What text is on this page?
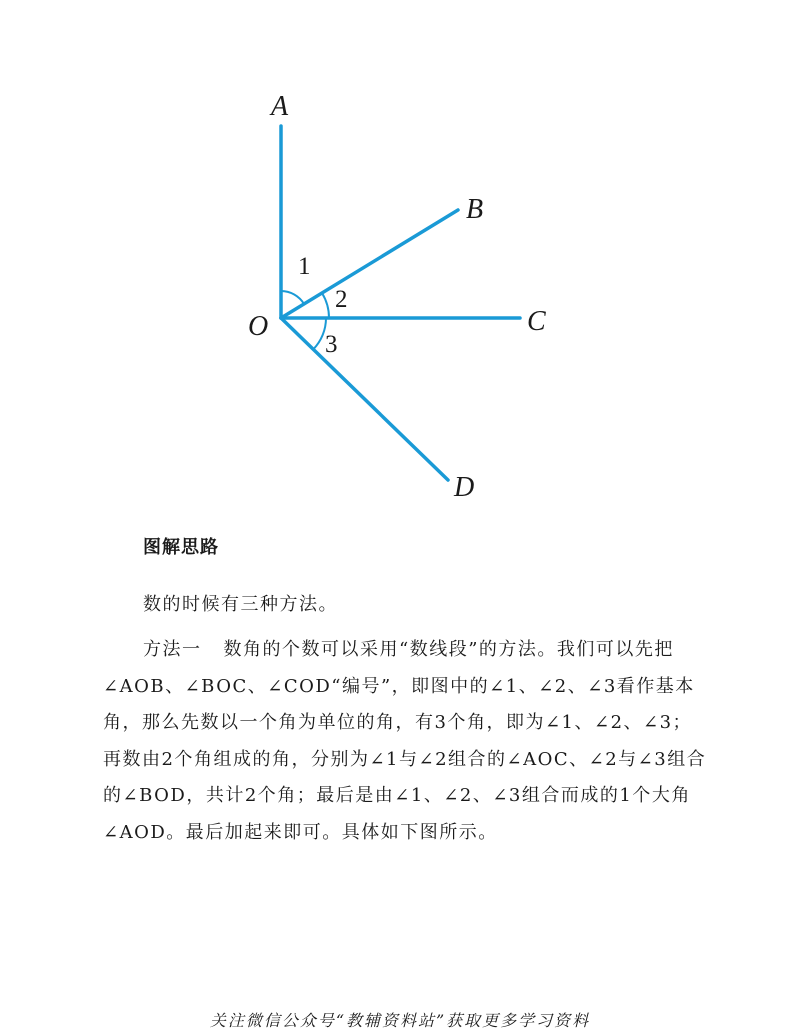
A
B
C
D
O
1
2
3
图解思路

数的时候有三种方法。

方法一 数角的个数可以采用“数线段”的方法。我们可以先把
∠AOB、∠BOC、∠COD“编号”，即图中的∠1、∠2、∠3看作基本
角，那么先数以一个角为单位的角，有3个角，即为∠1、∠2、∠3；
再数由2个角组成的角，分别为∠1与∠2组合的∠AOC、∠2与∠3组合
的∠BOD，共计2个角；最后是由∠1、∠2、∠3组合而成的1个大角
∠AOD。最后加起来即可。具体如下图所示。

关注微信公众号“教辅资料站”获取更多学习资料
